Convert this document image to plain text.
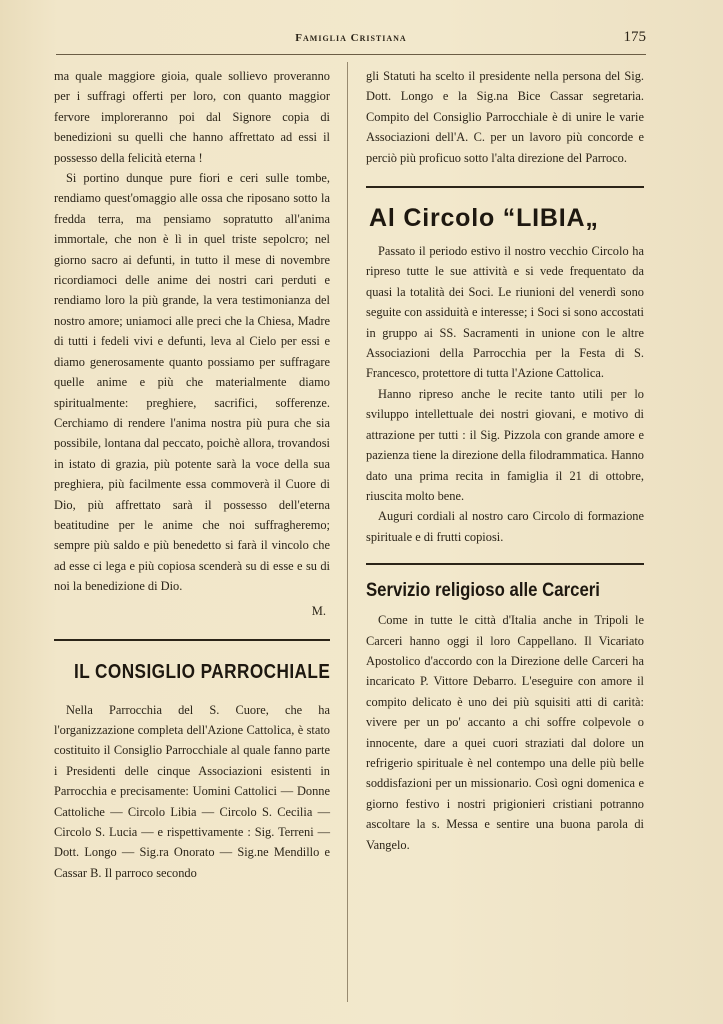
Famiglia Cristiana	175

ma quale maggiore gioia, quale sollievo proveranno per i suffragi offerti per loro, con quanto maggior fervore imploreranno poi dal Signore copia di benedizioni su quelli che hanno affrettato ad essi il possesso della felicità eterna !

Si portino dunque pure fiori e ceri sulle tombe, rendiamo quest'omaggio alle ossa che riposano sotto la fredda terra, ma pensiamo sopratutto all'anima immortale, che non è lì in quel triste sepolcro; nel giorno sacro ai defunti, in tutto il mese di novembre ricordiamoci delle anime dei nostri cari perduti e rendiamo loro la più grande, la vera testimonianza del nostro amore; uniamoci alle preci che la Chiesa, Madre di tutti i fedeli vivi e defunti, leva al Cielo per essi e diamo generosamente quanto possiamo per suffragare quelle anime e più che materialmente diamo spiritualmente: preghiere, sacrifici, sofferenze. Cerchiamo di rendere l'anima nostra più pura che sia possibile, lontana dal peccato, poichè allora, trovandosi in istato di grazia, più potente sarà la voce della sua preghiera, più facilmente essa commoverà il Cuore di Dio, più affrettato sarà il possesso dell'eterna beatitudine per le anime che noi suffragheremo; sempre più saldo e più benedetto si farà il vincolo che ad esse ci lega e più copiosa scenderà su di esse e su di noi la benedizione di Dio.

M.
IL CONSIGLIO PARROCHIALE

Nella Parrocchia del S. Cuore, che ha l'organizzazione completa dell'Azione Cattolica, è stato costituito il Consiglio Parrocchiale al quale fanno parte i Presidenti delle cinque Associazioni esistenti in Parrocchia e precisamente: Uomini Cattolici — Donne Cattoliche — Circolo Libia — Circolo S. Cecilia — Circolo S. Lucia — e rispettivamente : Sig. Terreni — Dott. Longo — Sig.ra Onorato — Sig.ne Mendillo e Cassar B. Il parroco secondo

gli Statuti ha scelto il presidente nella persona del Sig. Dott. Longo e la Sig.na Bice Cassar segretaria. Compito del Consiglio Parrocchiale è di unire le varie Associazioni dell'A. C. per un lavoro più concorde e perciò più proficuo sotto l'alta direzione del Parroco.

Al Circolo “LIBIA„

Passato il periodo estivo il nostro vecchio Circolo ha ripreso tutte le sue attività e si vede frequentato da quasi la totalità dei Soci. Le riunioni del venerdì sono seguite con assiduità e interesse; i Soci si sono accostati in gruppo ai SS. Sacramenti in unione con le altre Associazioni della Parrocchia per la Festa di S. Francesco, protettore di tutta l'Azione Cattolica.

Hanno ripreso anche le recite tanto utili per lo sviluppo intellettuale dei nostri giovani, e motivo di attrazione per tutti : il Sig. Pizzola con grande amore e pazienza tiene la direzione della filodrammatica. Hanno dato una prima recita in famiglia il 21 di ottobre, riuscita molto bene.

Auguri cordiali al nostro caro Circolo di formazione spirituale e di frutti copiosi.

Servizio religioso alle Carceri

Come in tutte le città d'Italia anche in Tripoli le Carceri hanno oggi il loro Cappellano. Il Vicariato Apostolico d'accordo con la Direzione delle Carceri ha incaricato P. Vittore Debarro. L'eseguire con amore il compito delicato è uno dei più squisiti atti di carità: vivere per un po' accanto a chi soffre colpevole o innocente, dare a quei cuori straziati dal dolore un refrigerio spirituale è nel contempo una delle più belle soddisfazioni per un missionario. Così ogni domenica e giorno festivo i nostri prigionieri cristiani potranno ascoltare la s. Messa e sentire una buona parola di Vangelo.
